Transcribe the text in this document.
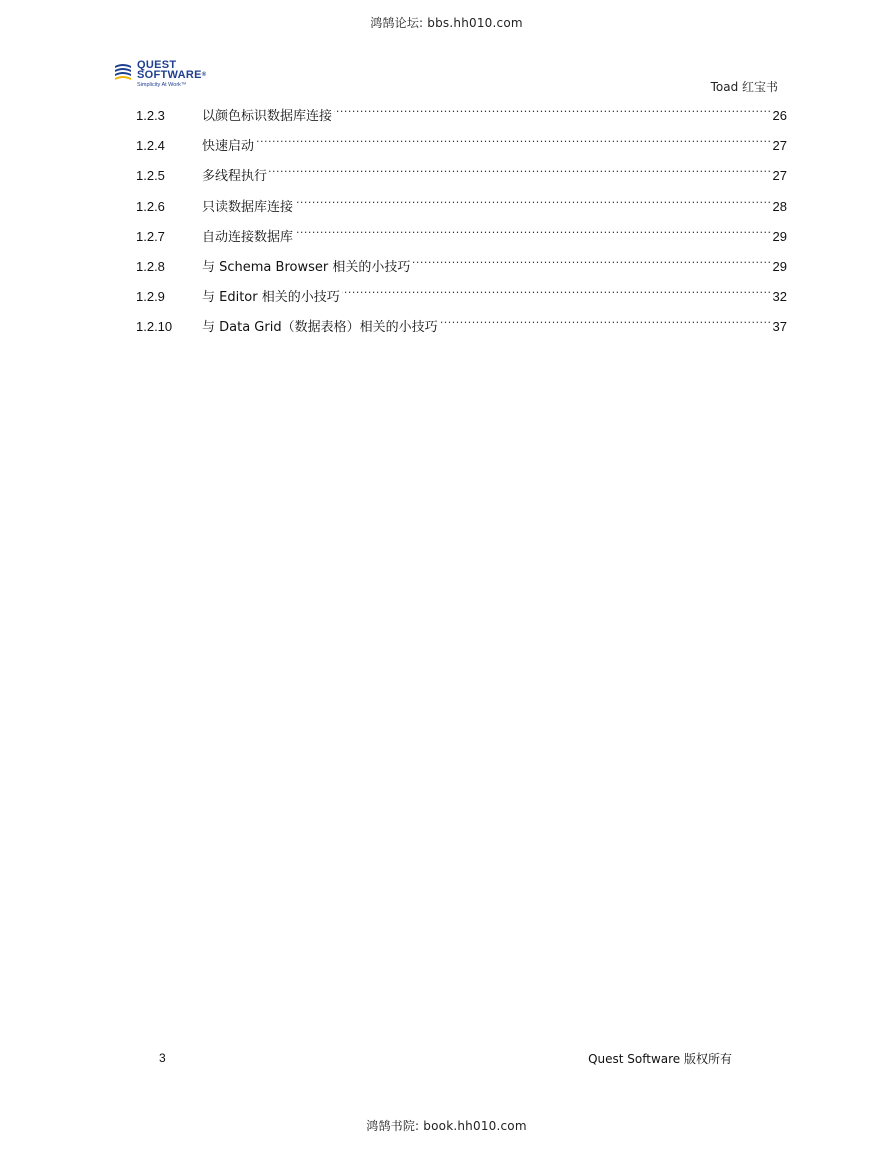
鸿鹄论坛: bbs.hh010.com
QUEST
SOFTWARE®
Simplicity At Work™	Toad 红宝书
1.2.3	以颜色标识数据库连接 .....	26
1.2.4	快速启动 .....	27
1.2.5	多线程执行 .....	27
1.2.6	只读数据库连接 .....	28
1.2.7	自动连接数据库 .....	29
1.2.8	与 Schema Browser 相关的小技巧 .....	29
1.2.9	与 Editor 相关的小技巧 .....	32
1.2.10	与 Data Grid（数据表格）相关的小技巧 .....	37
3	Quest Software 版权所有
鸿鹄书院: book.hh010.com
